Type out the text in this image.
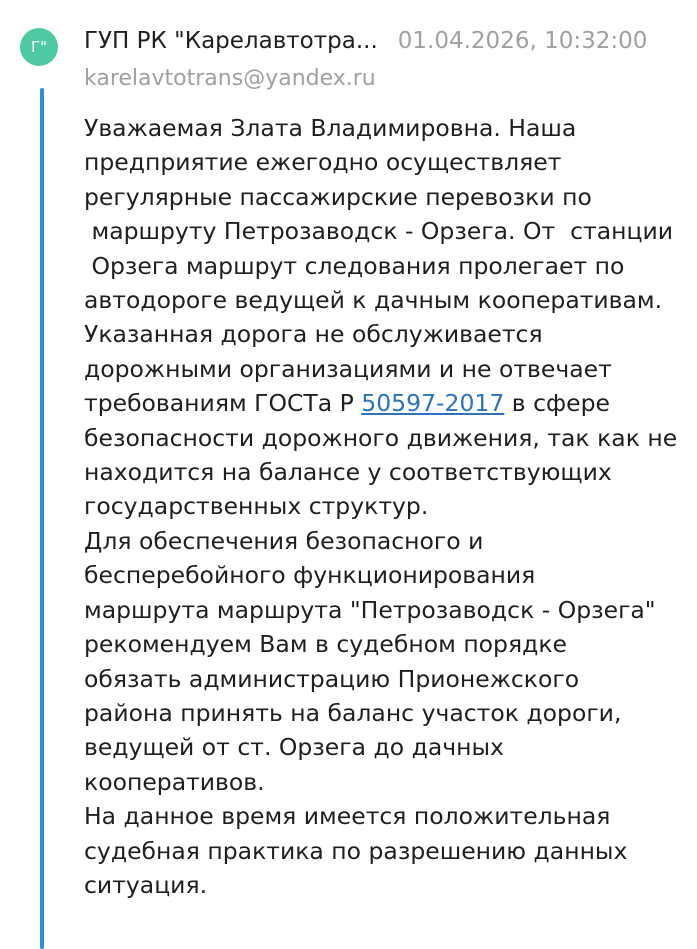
Г"	ГУП РК "Карелавтотра... 01.04.2026, 10:32:00
karelavtotrans@yandex.ru
Уважаемая Злата Владимировна. Наша
предприятие ежегодно осуществляет
регулярные пассажирские перевозки по
маршруту Петрозаводск - Орзега. От  станции
Орзега маршрут следования пролегает по
автодороге ведущей к дачным кооперативам.
Указанная дорога не обслуживается
дорожными организациями и не отвечает
требованиям ГОСТа Р 50597-2017 в сфере
безопасности дорожного движения, так как не
находится на балансе у соответствующих
государственных структур.
Для обеспечения безопасного и
бесперебойного функционирования
маршрута маршрута "Петрозаводск - Орзега"
рекомендуем Вам в судебном порядке
обязать администрацию Прионежского
района принять на баланс участок дороги,
ведущей от ст. Орзега до дачных
кооперативов.
На данное время имеется положительная
судебная практика по разрешению данных
ситуация.
